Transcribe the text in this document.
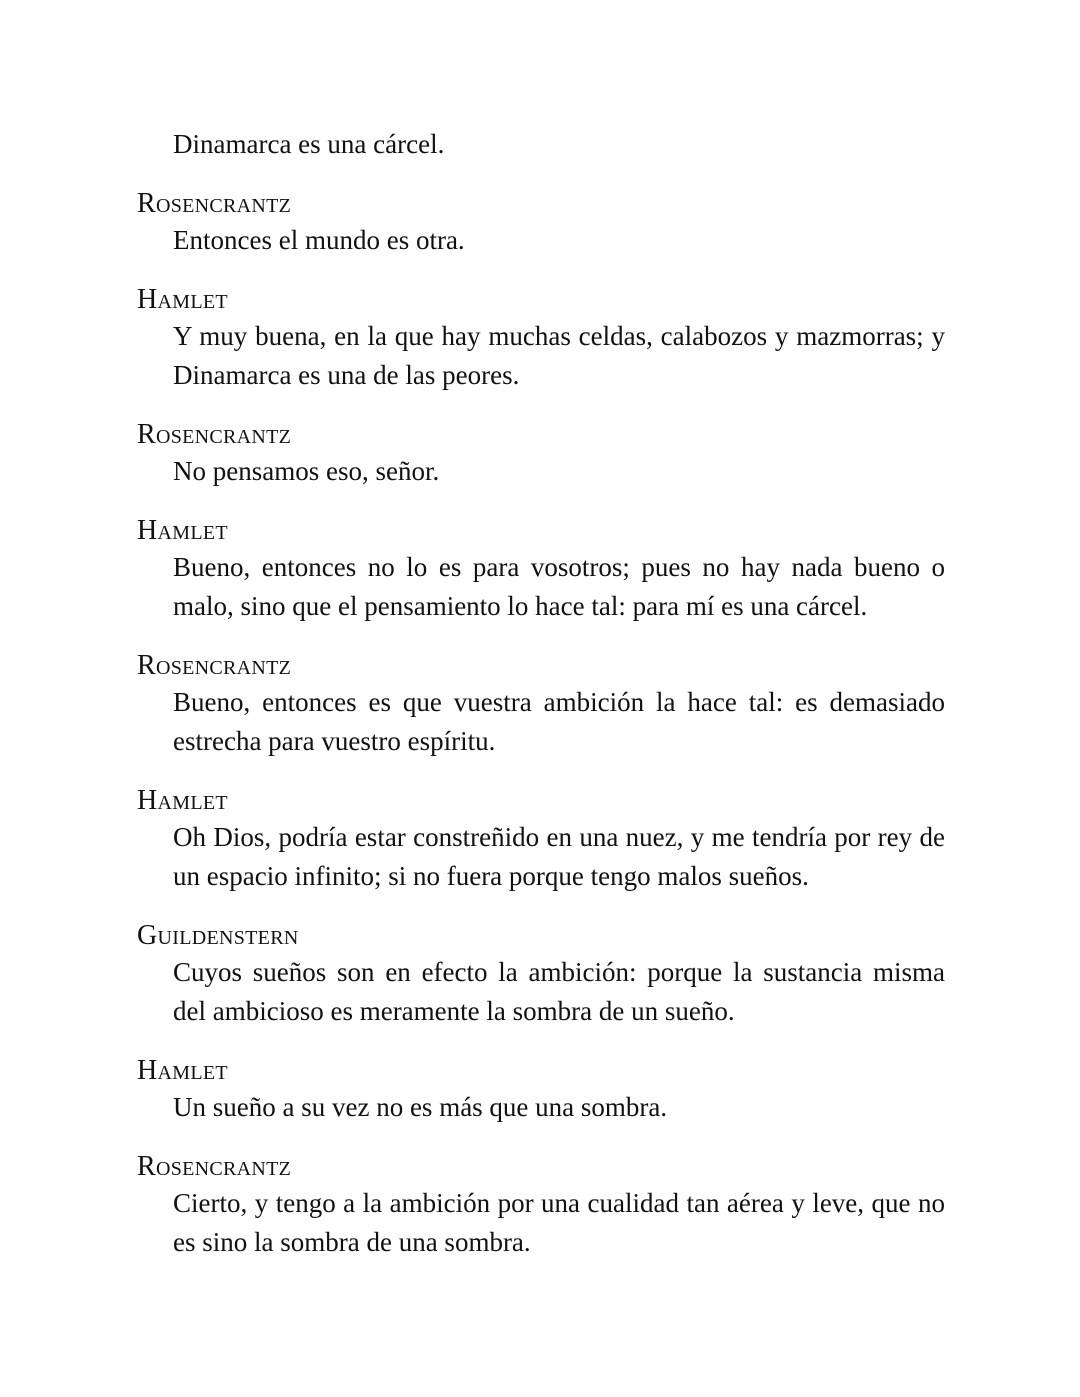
Dinamarca es una cárcel.

Rosencrantz

Entonces el mundo es otra.

Hamlet

Y muy buena, en la que hay muchas celdas, calabozos y mazmorras; y
Dinamarca es una de las peores.

Rosencrantz

No pensamos eso, señor.

Hamlet

Bueno, entonces no lo es para vosotros; pues no hay nada bueno o
malo, sino que el pensamiento lo hace tal: para mí es una cárcel.

Rosencrantz

Bueno, entonces es que vuestra ambición la hace tal: es demasiado
estrecha para vuestro espíritu.

Hamlet

Oh Dios, podría estar constreñido en una nuez, y me tendría por rey de
un espacio infinito; si no fuera porque tengo malos sueños.

Guildenstern

Cuyos sueños son en efecto la ambición: porque la sustancia misma
del ambicioso es meramente la sombra de un sueño.

Hamlet

Un sueño a su vez no es más que una sombra.

Rosencrantz

Cierto, y tengo a la ambición por una cualidad tan aérea y leve, que no
es sino la sombra de una sombra.
